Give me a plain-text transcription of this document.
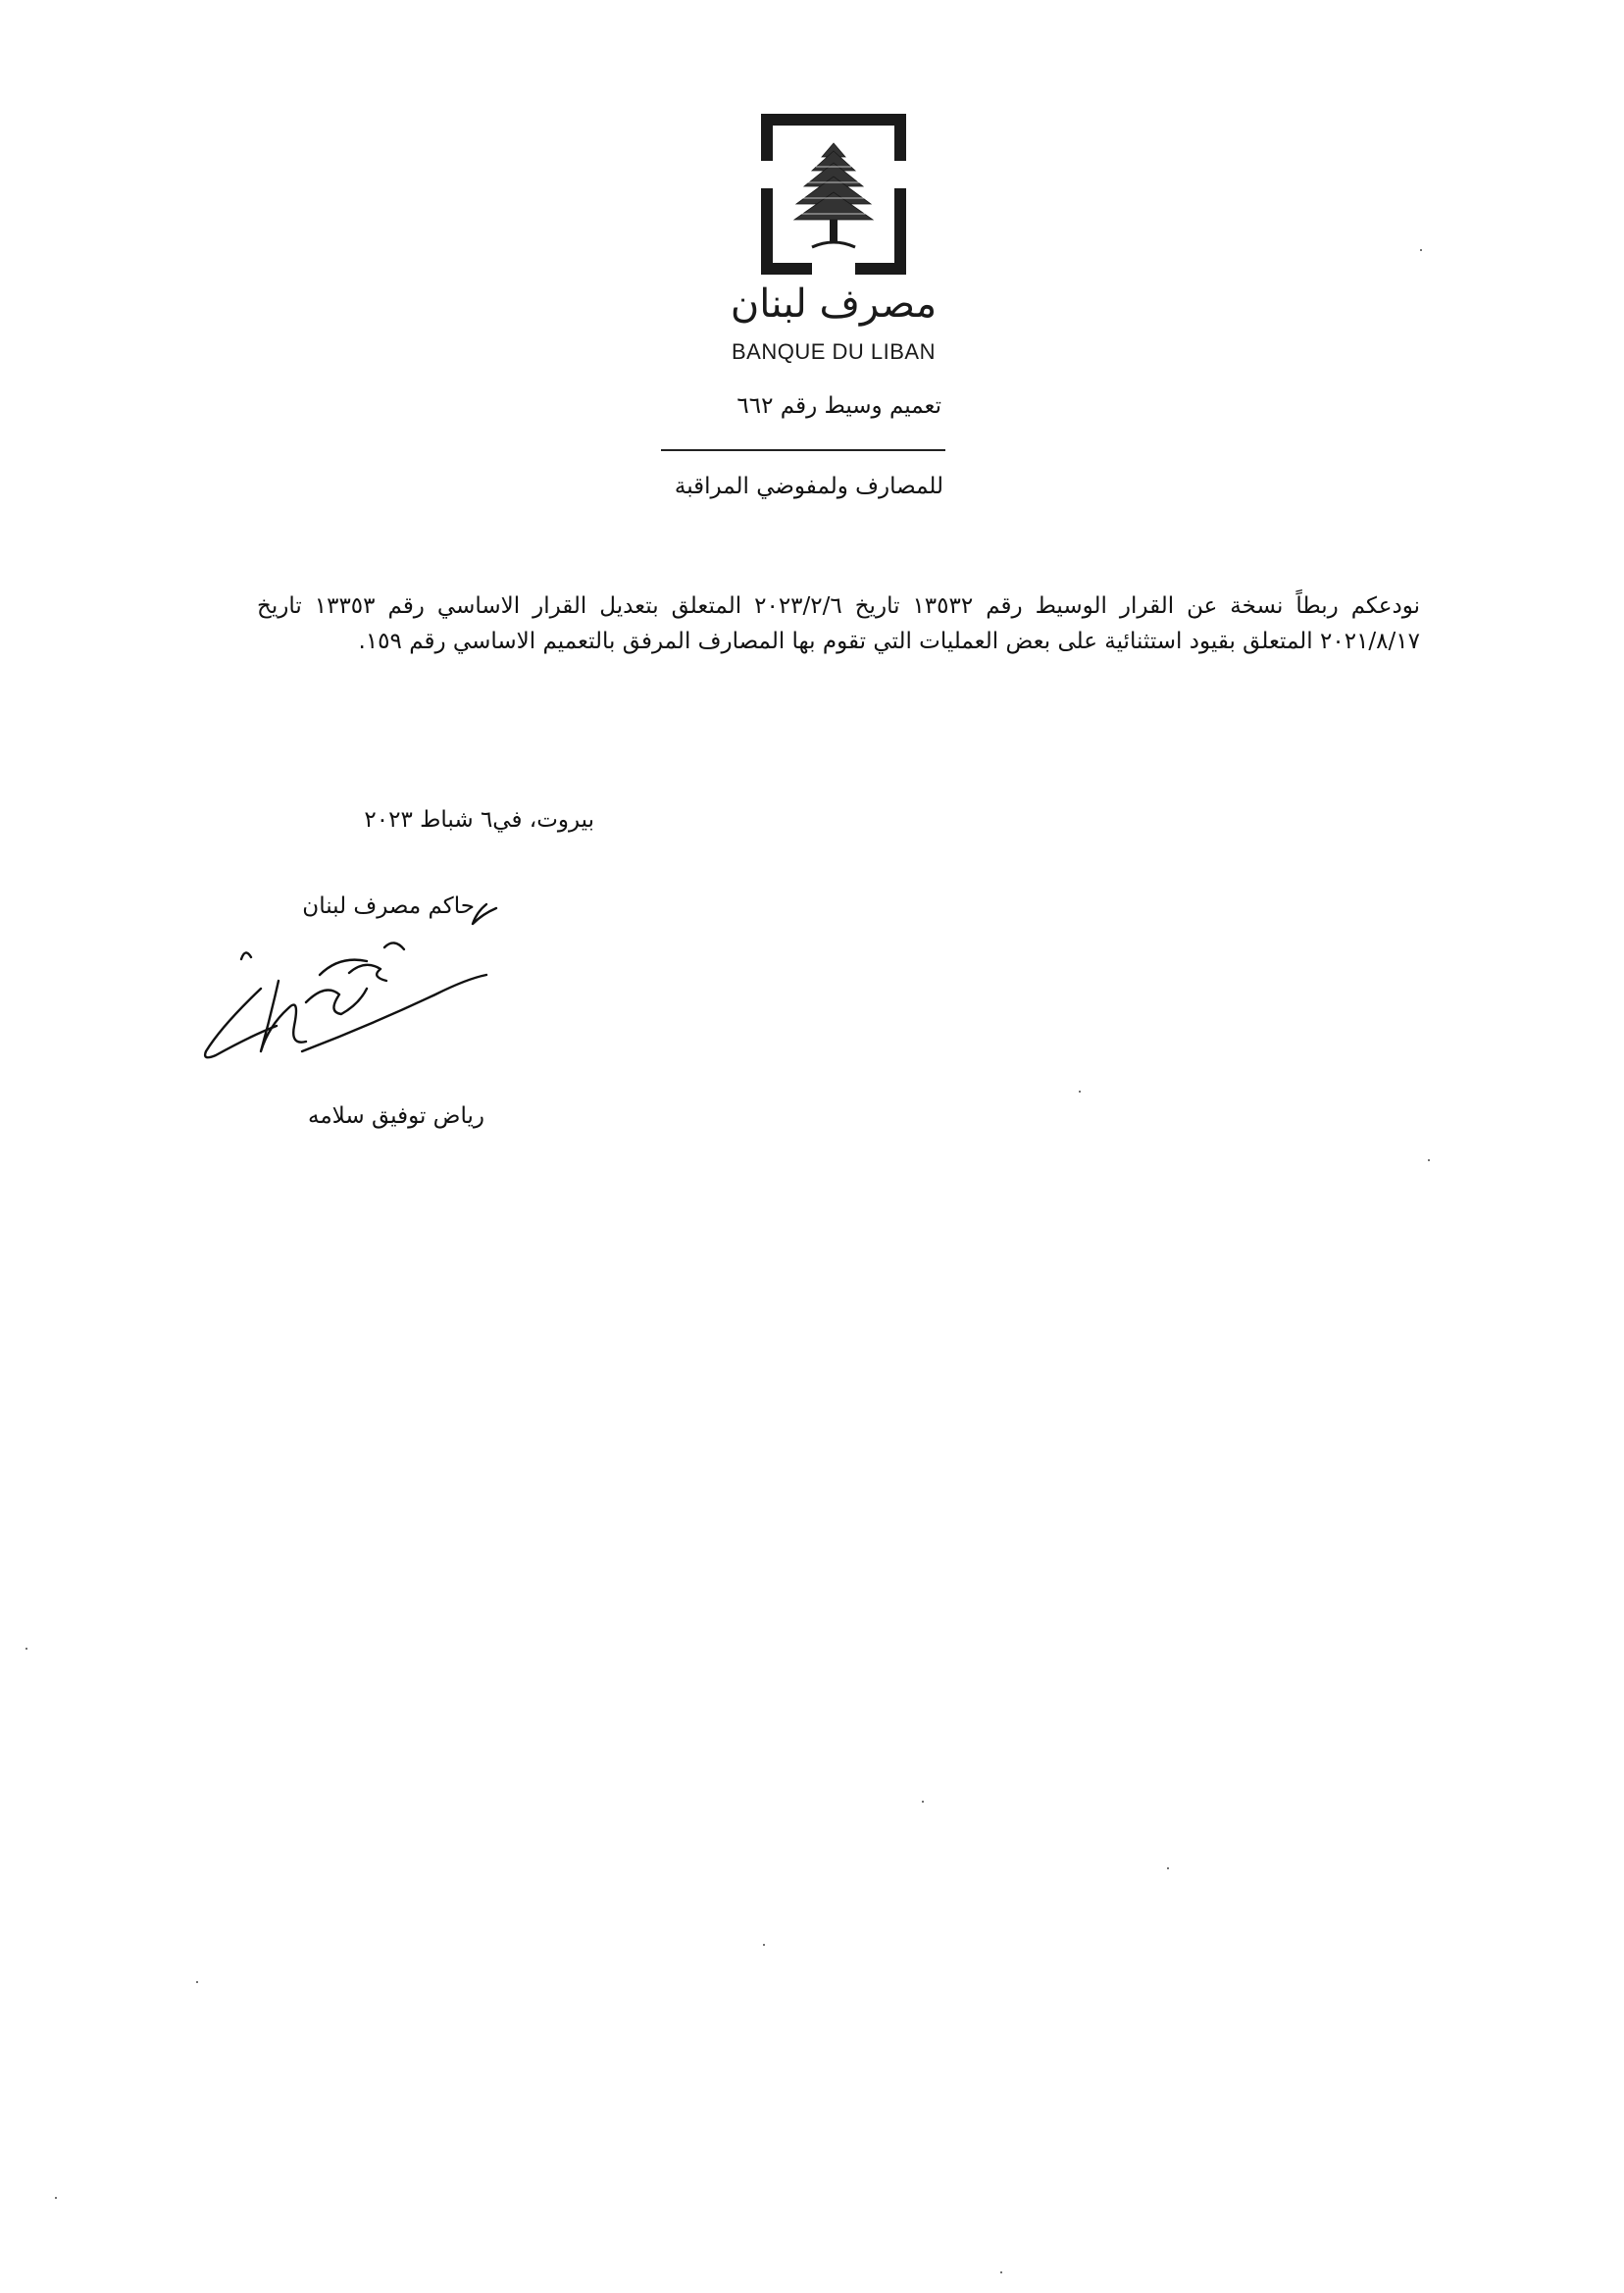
مصرف لبنان
BANQUE DU LIBAN
تعميم وسيط رقم ٦٦٢
للمصارف ولمفوضي المراقبة
نودعكم ربطاً نسخة عن القرار الوسيط رقم ١٣٥٣٢ تاريخ ٢٠٢٣/٢/٦ المتعلق بتعديل القرار الاساسي رقم ١٣٣٥٣ تاريخ ٢٠٢١/٨/١٧ المتعلق بقيود استثنائية على بعض العمليات التي تقوم بها المصارف المرفق بالتعميم الاساسي رقم ١٥٩.
بيروت، في٦ شباط ٢٠٢٣
حاكم مصرف لبنان
رياض توفيق سلامه
